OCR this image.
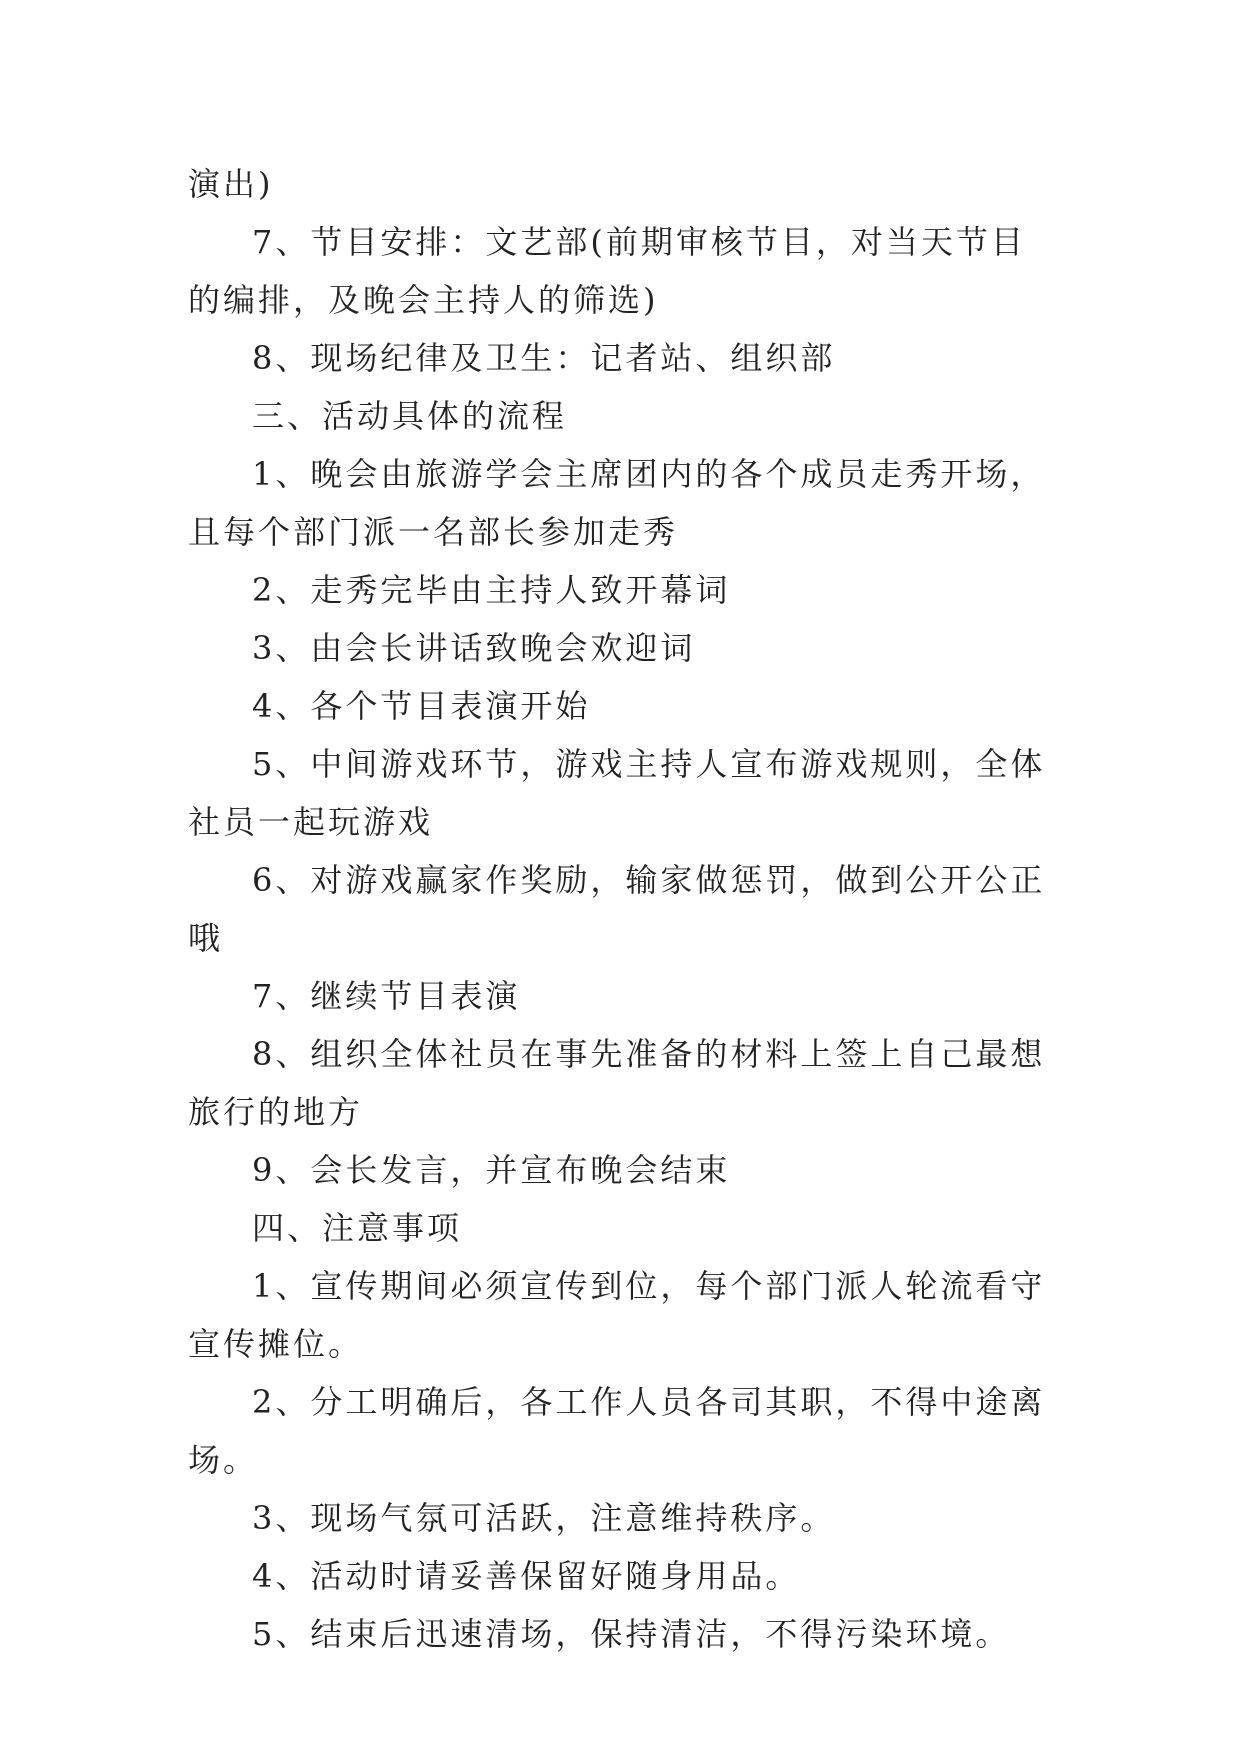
演出)

7、节目安排：文艺部(前期审核节目，对当天节目的编排，及晚会主持人的筛选)

8、现场纪律及卫生：记者站、组织部

三、活动具体的流程

1、晚会由旅游学会主席团内的各个成员走秀开场，且每个部门派一名部长参加走秀

2、走秀完毕由主持人致开幕词

3、由会长讲话致晚会欢迎词

4、各个节目表演开始

5、中间游戏环节，游戏主持人宣布游戏规则，全体社员一起玩游戏

6、对游戏赢家作奖励，输家做惩罚，做到公开公正哦

7、继续节目表演

8、组织全体社员在事先准备的材料上签上自己最想旅行的地方

9、会长发言，并宣布晚会结束

四、注意事项

1、宣传期间必须宣传到位，每个部门派人轮流看守宣传摊位。

2、分工明确后，各工作人员各司其职，不得中途离场。

3、现场气氛可活跃，注意维持秩序。

4、活动时请妥善保留好随身用品。

5、结束后迅速清场，保持清洁，不得污染环境。
